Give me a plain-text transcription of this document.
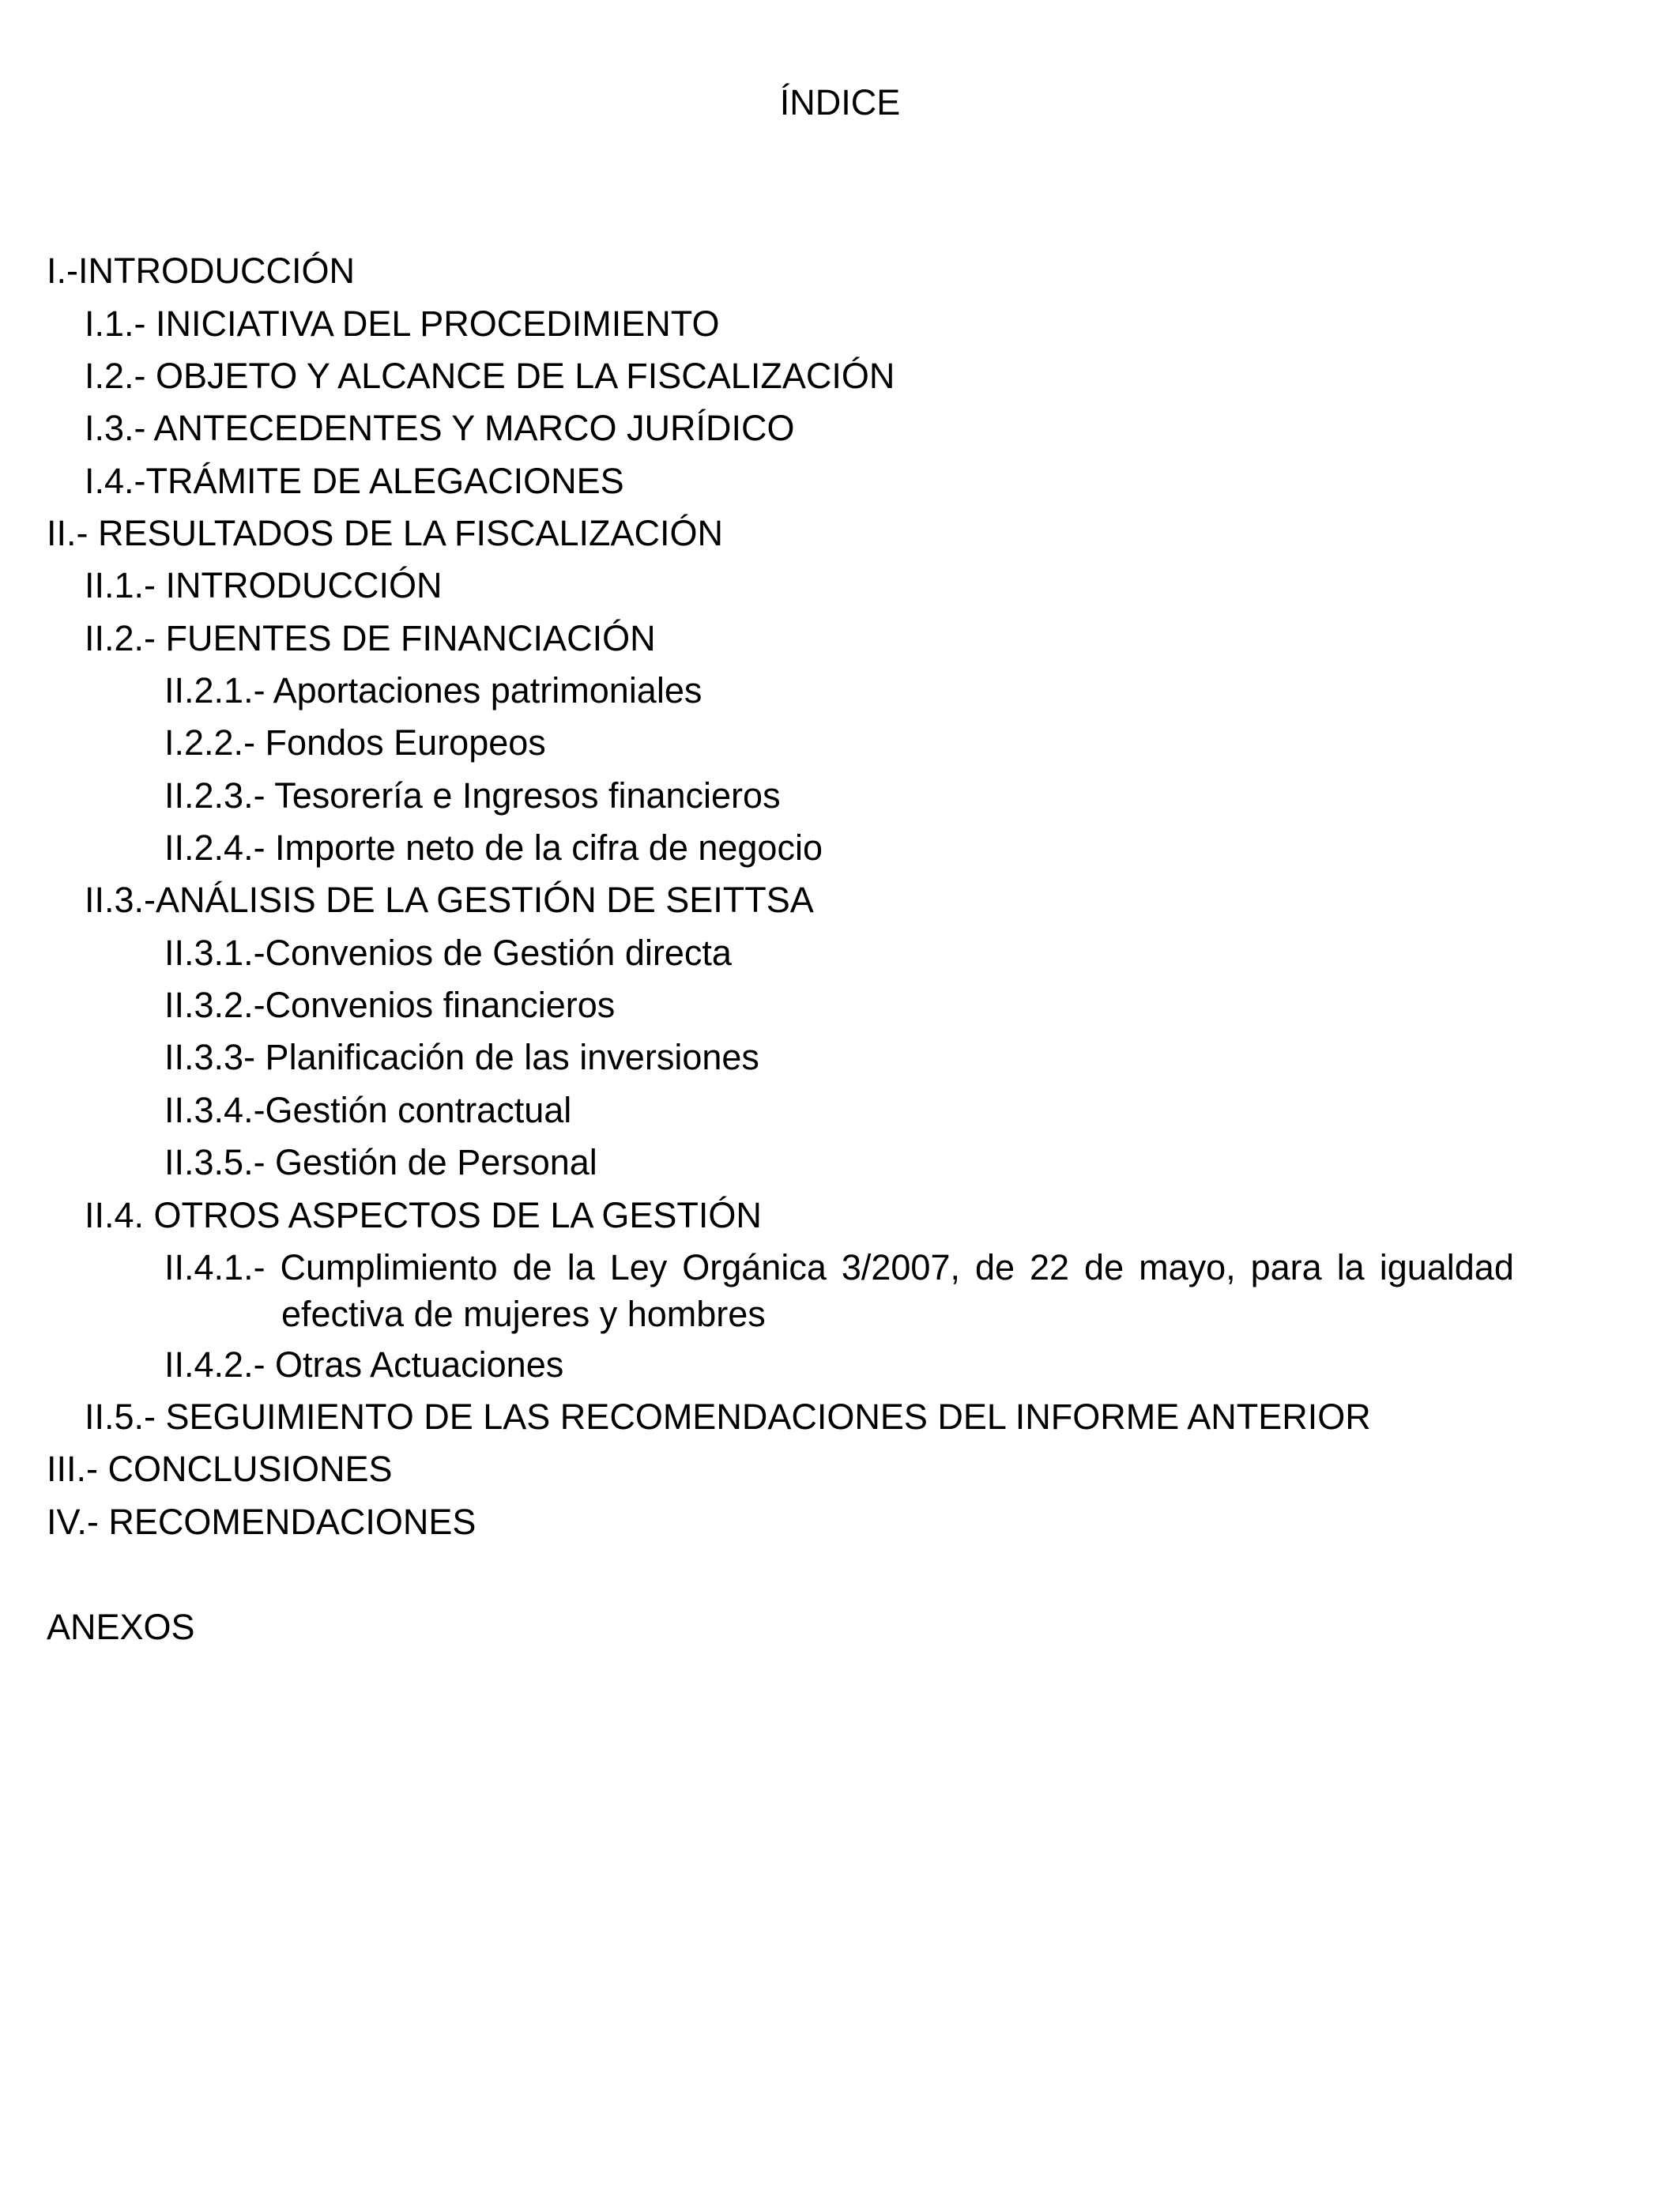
ÍNDICE
I.-INTRODUCCIÓN
I.1.- INICIATIVA DEL PROCEDIMIENTO
I.2.- OBJETO Y ALCANCE DE LA FISCALIZACIÓN
I.3.- ANTECEDENTES Y MARCO JURÍDICO
I.4.-TRÁMITE DE ALEGACIONES
II.- RESULTADOS DE LA FISCALIZACIÓN
II.1.- INTRODUCCIÓN
II.2.- FUENTES DE FINANCIACIÓN
II.2.1.- Aportaciones patrimoniales
I.2.2.- Fondos Europeos
II.2.3.- Tesorería e Ingresos financieros
II.2.4.- Importe neto de la cifra de negocio
II.3.-ANÁLISIS DE LA GESTIÓN DE SEITTSA
II.3.1.-Convenios de Gestión directa
II.3.2.-Convenios financieros
II.3.3- Planificación de las inversiones
II.3.4.-Gestión contractual
II.3.5.- Gestión de Personal
II.4. OTROS ASPECTOS DE LA GESTIÓN
II.4.1.- Cumplimiento de la Ley Orgánica 3/2007, de 22 de mayo, para la igualdad
efectiva de mujeres y hombres
II.4.2.- Otras Actuaciones
II.5.- SEGUIMIENTO DE LAS RECOMENDACIONES DEL INFORME ANTERIOR
III.- CONCLUSIONES
IV.- RECOMENDACIONES
ANEXOS
